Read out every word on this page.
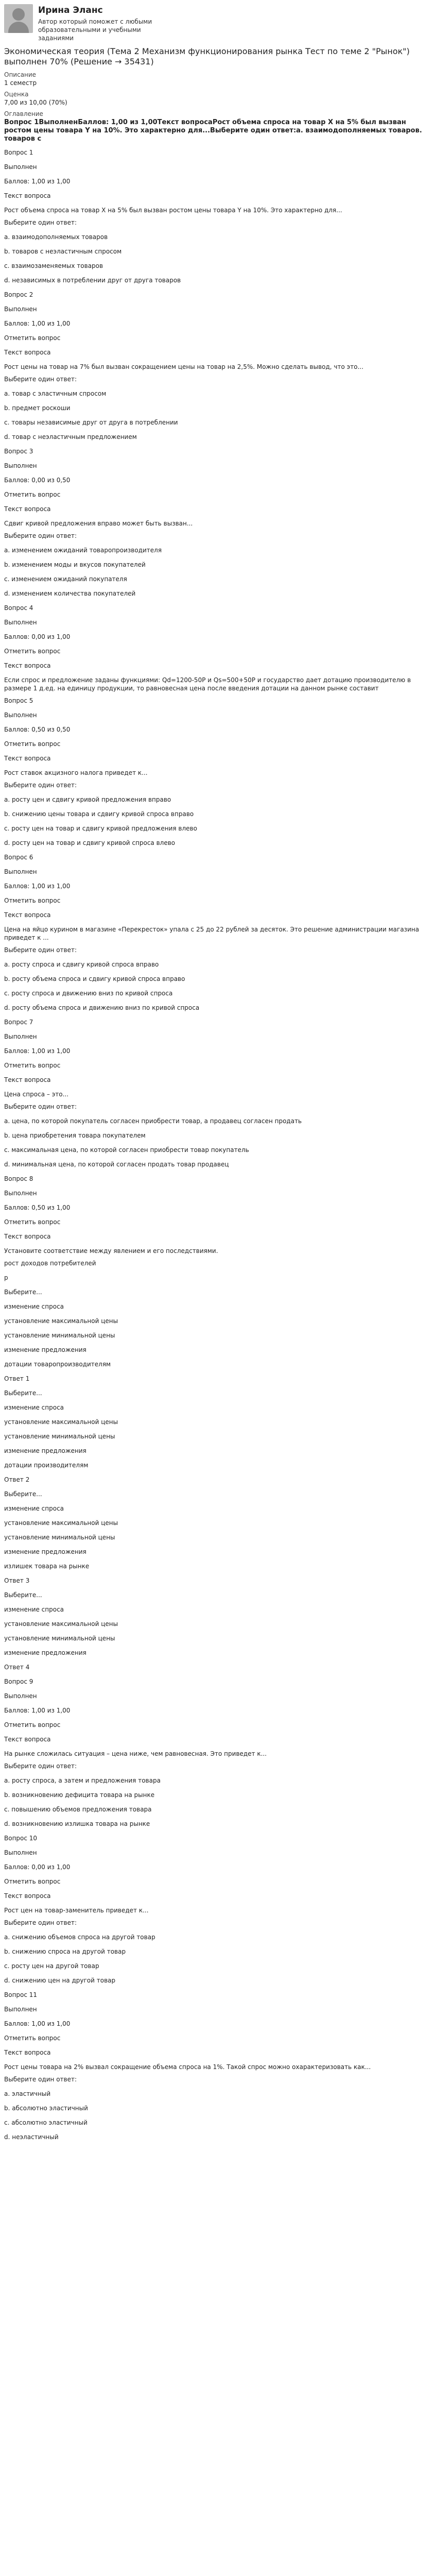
Ирина Эланс
Автор который поможет с любыми образовательными и учебными заданиями
Экономическая теория (Тема 2 Механизм функционирования рынка Тест по теме 2 "Рынок") выполнен 70% (Решение → 35431)
Описание
1 семестр
Оценка
7,00 из 10,00 (70%)
Оглавление
Вопрос 1ВыполненБаллов: 1,00 из 1,00Текст вопросаРост объема спроса на товар X на 5% был вызван ростом цены товара Y на 10%. Это характерно для...Выберите один ответ:a. взаимодополняемых товаров. товаров с
Вопрос 1
Выполнен
Баллов: 1,00 из 1,00
Текст вопроса
Рост объема спроса на товар X на 5% был вызван ростом цены товара Y на 10%. Это характерно для...
Выберите один ответ:
a. взаимодополняемых товаров
b. товаров с неэластичным спросом
c. взаимозаменяемых товаров
d. независимых в потреблении друг от друга товаров
Вопрос 2
Выполнен
Баллов: 1,00 из 1,00
Отметить вопрос
Текст вопроса
Рост цены на товар на 7% был вызван сокращением цены на товар на 2,5%. Можно сделать вывод, что это...
Выберите один ответ:
a. товар с эластичным спросом
b. предмет роскоши
c. товары независимые друг от друга в потреблении
d. товар с неэластичным предложением
Вопрос 3
Выполнен
Баллов: 0,00 из 0,50
Отметить вопрос
Текст вопроса
Сдвиг кривой предложения вправо может быть вызван...
Выберите один ответ:
a. изменением ожиданий товаропроизводителя
b. изменением моды и вкусов покупателей
c. изменением ожиданий покупателя
d. изменением количества покупателей
Вопрос 4
Выполнен
Баллов: 0,00 из 1,00
Отметить вопрос
Текст вопроса
Если спрос и предложение заданы функциями: Qd=1200-50P и Qs=500+50P и государство дает дотацию производителю в размере 1 д.ед. на единицу продукции, то равновесная цена после введения дотации на данном рынке составит
Вопрос 5
Выполнен
Баллов: 0,50 из 0,50
Отметить вопрос
Текст вопроса
Рост ставок акцизного налога приведет к...
Выберите один ответ:
a. росту цен и сдвигу кривой предложения вправо
b. снижению цены товара и сдвигу кривой спроса вправо
c. росту цен на товар и сдвигу кривой предложения влево
d. росту цен на товар и сдвигу кривой спроса влево
Вопрос 6
Выполнен
Баллов: 1,00 из 1,00
Отметить вопрос
Текст вопроса
Цена на яйцо курином в магазине «Перекресток» упала с 25 до 22 рублей за десяток. Это решение администрации магазина приведет к ...
Выберите один ответ:
a. росту спроса и сдвигу кривой спроса вправо
b. росту объема спроса и сдвигу кривой спроса вправо
c. росту спроса и движению вниз по кривой спроса
d. росту объема спроса и движению вниз по кривой спроса
Вопрос 7
Выполнен
Баллов: 1,00 из 1,00
Отметить вопрос
Текст вопроса
Цена спроса – это...
Выберите один ответ:
a. цена, по которой покупатель согласен приобрести товар, а продавец согласен продать
b. цена приобретения товара покупателем
c. максимальная цена, по которой согласен приобрести товар покупатель
d. минимальная цена, по которой согласен продать товар продавец
Вопрос 8
Выполнен
Баллов: 0,50 из 1,00
Отметить вопрос
Текст вопроса
Установите соответствие между явлением и его последствиями.
рост доходов потребителей
р
Выберите...
изменение спроса
установление максимальной цены
установление минимальной цены
изменение предложения
дотации товаропроизводителям
Ответ 1
Выберите...
изменение спроса
установление максимальной цены
установление минимальной цены
изменение предложения
дотации производителям
Ответ 2
Выберите...
изменение спроса
установление максимальной цены
установление минимальной цены
изменение предложения
излишек товара на рынке
Ответ 3
Выберите...
изменение спроса
установление максимальной цены
установление минимальной цены
изменение предложения
Ответ 4
Вопрос 9
Выполнен
Баллов: 1,00 из 1,00
Отметить вопрос
Текст вопроса
На рынке сложилась ситуация – цена ниже, чем равновесная. Это приведет к...
Выберите один ответ:
a. росту спроса, а затем и предложения товара
b. возникновению дефицита товара на рынке
c. повышению объемов предложения товара
d. возникновению излишка товара на рынке
Вопрос 10
Выполнен
Баллов: 0,00 из 1,00
Отметить вопрос
Текст вопроса
Рост цен на товар-заменитель приведет к...
Выберите один ответ:
a. снижению объемов спроса на другой товар
b. снижению спроса на другой товар
c. росту цен на другой товар
d. снижению цен на другой товар
Вопрос 11
Выполнен
Баллов: 1,00 из 1,00
Отметить вопрос
Текст вопроса
Рост цены товара на 2% вызвал сокращение объема спроса на 1%. Такой спрос можно охарактеризовать как...
Выберите один ответ:
a. эластичный
b. абсолютно эластичный
c. абсолютно эластичный
d. неэластичный
